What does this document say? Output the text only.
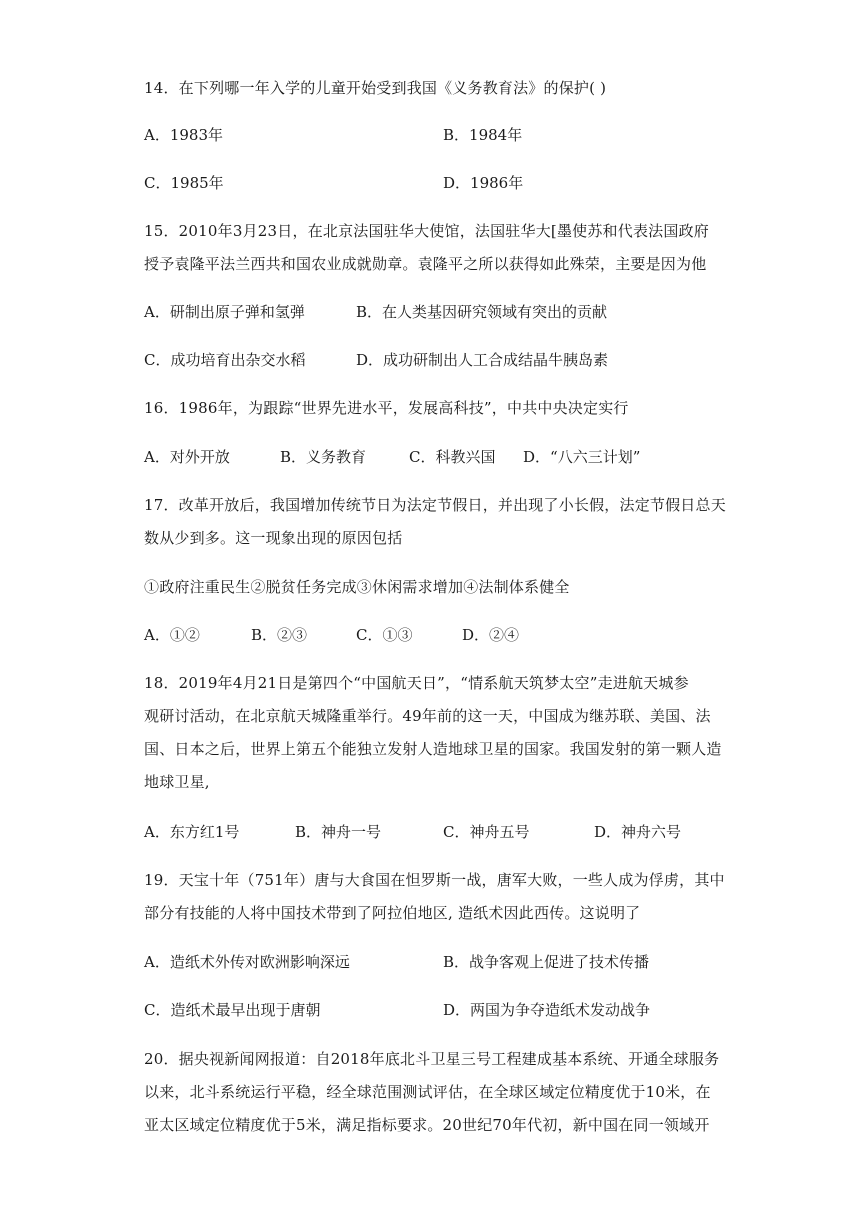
14．在下列哪一年入学的儿童开始受到我国《义务教育法》的保护( )
A．1983年	B．1984年
C．1985年	D．1986年
15．2010年3月23日，在北京法国驻华大使馆，法国驻华大[墨使苏和代表法国政府
授予袁隆平法兰西共和国农业成就勋章。袁隆平之所以获得如此殊荣，主要是因为他
A．研制出原子弹和氢弹	B．在人类基因研究领域有突出的贡献
C．成功培育出杂交水稻	D．成功研制出人工合成结晶牛胰岛素
16．1986年，为跟踪“世界先进水平，发展高科技”，中共中央决定实行
A．对外开放	B．义务教育	C．科教兴国 D．“八六三计划”
17．改革开放后，我国增加传统节日为法定节假日，并出现了小长假，法定节假日总天
数从少到多。这一现象出现的原因包括
①政府注重民生②脱贫任务完成③休闲需求增加④法制体系健全
A．①②	B．②③	C．①③	D．②④
18．2019年4月21日是第四个“中国航天日”，“情系航天筑梦太空”走进航天城参
观研讨活动，在北京航天城隆重举行。49年前的这一天，中国成为继苏联、美国、法
国、日本之后，世界上第五个能独立发射人造地球卫星的国家。我国发射的第一颗人造
地球卫星,
A．东方红1号	B．神舟一号	C．神舟五号	D．神舟六号
19．天宝十年（751年）唐与大食国在怛罗斯一战，唐军大败，一些人成为俘虏，其中
部分有技能的人将中国技术带到了阿拉伯地区, 造纸术因此西传。这说明了
A．造纸术外传对欧洲影响深远	B．战争客观上促进了技术传播
C．造纸术最早出现于唐朝	D．两国为争夺造纸术发动战争
20．据央视新闻网报道：自2018年底北斗卫星三号工程建成基本系统、开通全球服务
以来，北斗系统运行平稳，经全球范围测试评估，在全球区域定位精度优于10米，在
亚太区域定位精度优于5米，满足指标要求。20世纪70年代初，新中国在同一领域开
